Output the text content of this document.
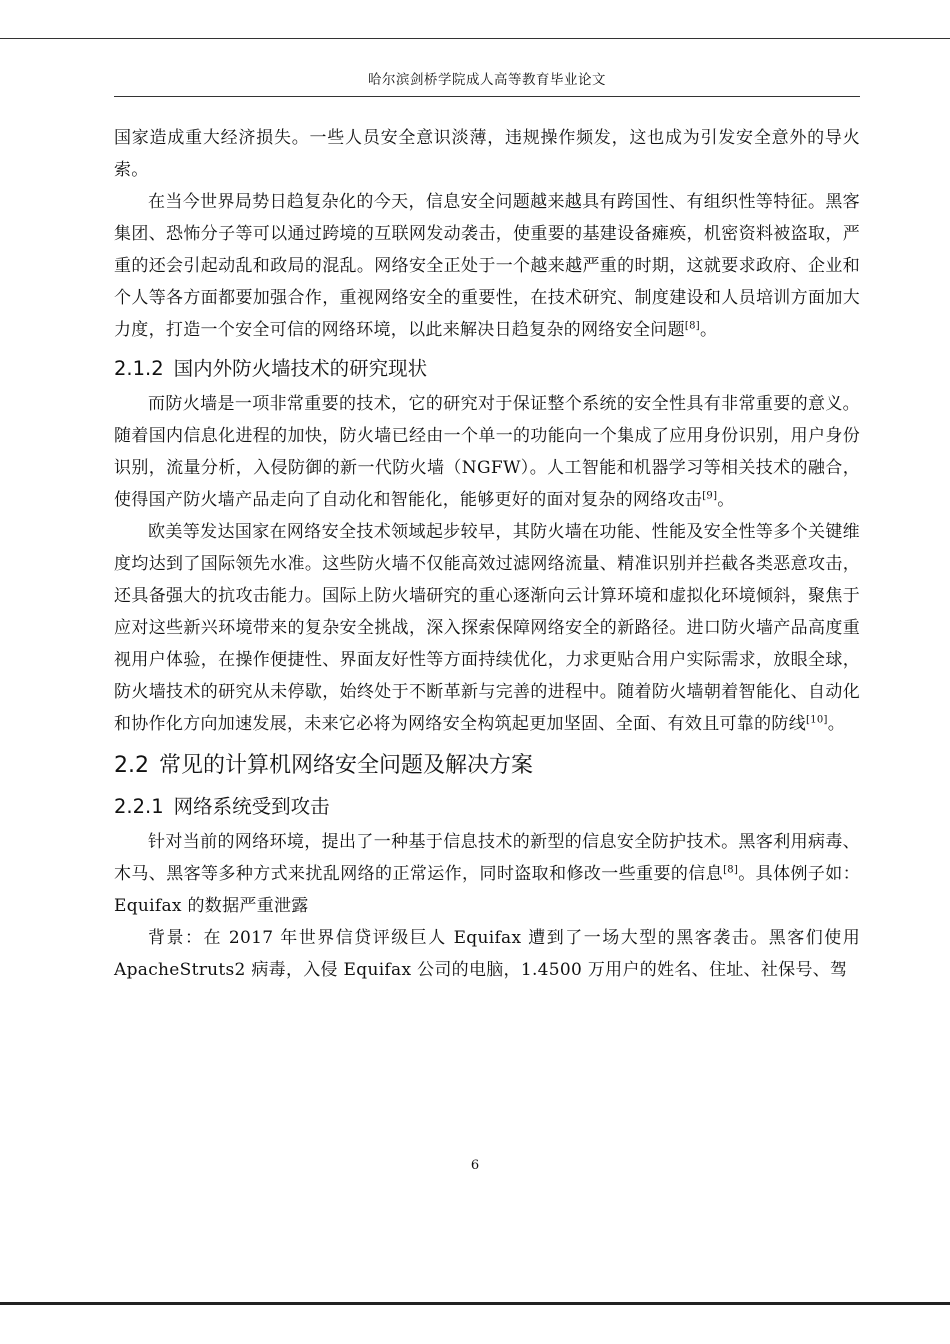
哈尔滨剑桥学院成人高等教育毕业论文

国家造成重大经济损失。一些人员安全意识淡薄，违规操作频发，这也成为引发安全意外的导火索。

在当今世界局势日趋复杂化的今天，信息安全问题越来越具有跨国性、有组织性等特征。黑客集团、恐怖分子等可以通过跨境的互联网发动袭击，使重要的基建设备瘫痪，机密资料被盗取，严重的还会引起动乱和政局的混乱。网络安全正处于一个越来越严重的时期，这就要求政府、企业和个人等各方面都要加强合作，重视网络安全的重要性，在技术研究、制度建设和人员培训方面加大力度，打造一个安全可信的网络环境，以此来解决日趋复杂的网络安全问题[8]。

2.1.2 国内外防火墙技术的研究现状

而防火墙是一项非常重要的技术，它的研究对于保证整个系统的安全性具有非常重要的意义。随着国内信息化进程的加快，防火墙已经由一个单一的功能向一个集成了应用身份识别，用户身份识别，流量分析，入侵防御的新一代防火墙（NGFW）。人工智能和机器学习等相关技术的融合，使得国产防火墙产品走向了自动化和智能化，能够更好的面对复杂的网络攻击[9]。

欧美等发达国家在网络安全技术领域起步较早，其防火墙在功能、性能及安全性等多个关键维度均达到了国际领先水准。这些防火墙不仅能高效过滤网络流量、精准识别并拦截各类恶意攻击，还具备强大的抗攻击能力。国际上防火墙研究的重心逐渐向云计算环境和虚拟化环境倾斜，聚焦于应对这些新兴环境带来的复杂安全挑战，深入探索保障网络安全的新路径。进口防火墙产品高度重视用户体验，在操作便捷性、界面友好性等方面持续优化，力求更贴合用户实际需求，放眼全球，防火墙技术的研究从未停歇，始终处于不断革新与完善的进程中。随着防火墙朝着智能化、自动化和协作化方向加速发展，未来它必将为网络安全构筑起更加坚固、全面、有效且可靠的防线[10]。

2.2 常见的计算机网络安全问题及解决方案
2.2.1 网络系统受到攻击

针对当前的网络环境，提出了一种基于信息技术的新型的信息安全防护技术。黑客利用病毒、木马、黑客等多种方式来扰乱网络的正常运作，同时盗取和修改一些重要的信息[8]。具体例子如：Equifax 的数据严重泄露

背景：在 2017 年世界信贷评级巨人 Equifax 遭到了一场大型的黑客袭击。黑客们使用 ApacheStruts2 病毒，入侵 Equifax 公司的电脑，1.4500 万用户的姓名、住址、社保号、驾

6
